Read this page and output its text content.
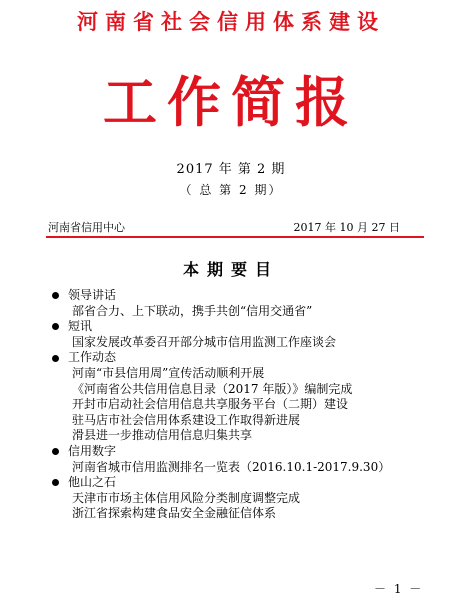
河南省社会信用体系建设
工作简报
2017 年 第 2 期
（ 总 第 2 期）
河南省信用中心	2017 年 10 月 27 日
本期要目
领导讲话
部省合力、上下联动，携手共创“信用交通省”
短讯
国家发展改革委召开部分城市信用监测工作座谈会
工作动态
河南“市县信用周”宣传活动顺利开展
《河南省公共信用信息目录（2017 年版）》编制完成
开封市启动社会信用信息共享服务平台（二期）建设
驻马店市社会信用体系建设工作取得新进展
滑县进一步推动信用信息归集共享
信用数字
河南省城市信用监测排名一览表（2016.10.1-2017.9.30）
他山之石
天津市市场主体信用风险分类制度调整完成
浙江省探索构建食品安全金融征信体系
－ 1 －
